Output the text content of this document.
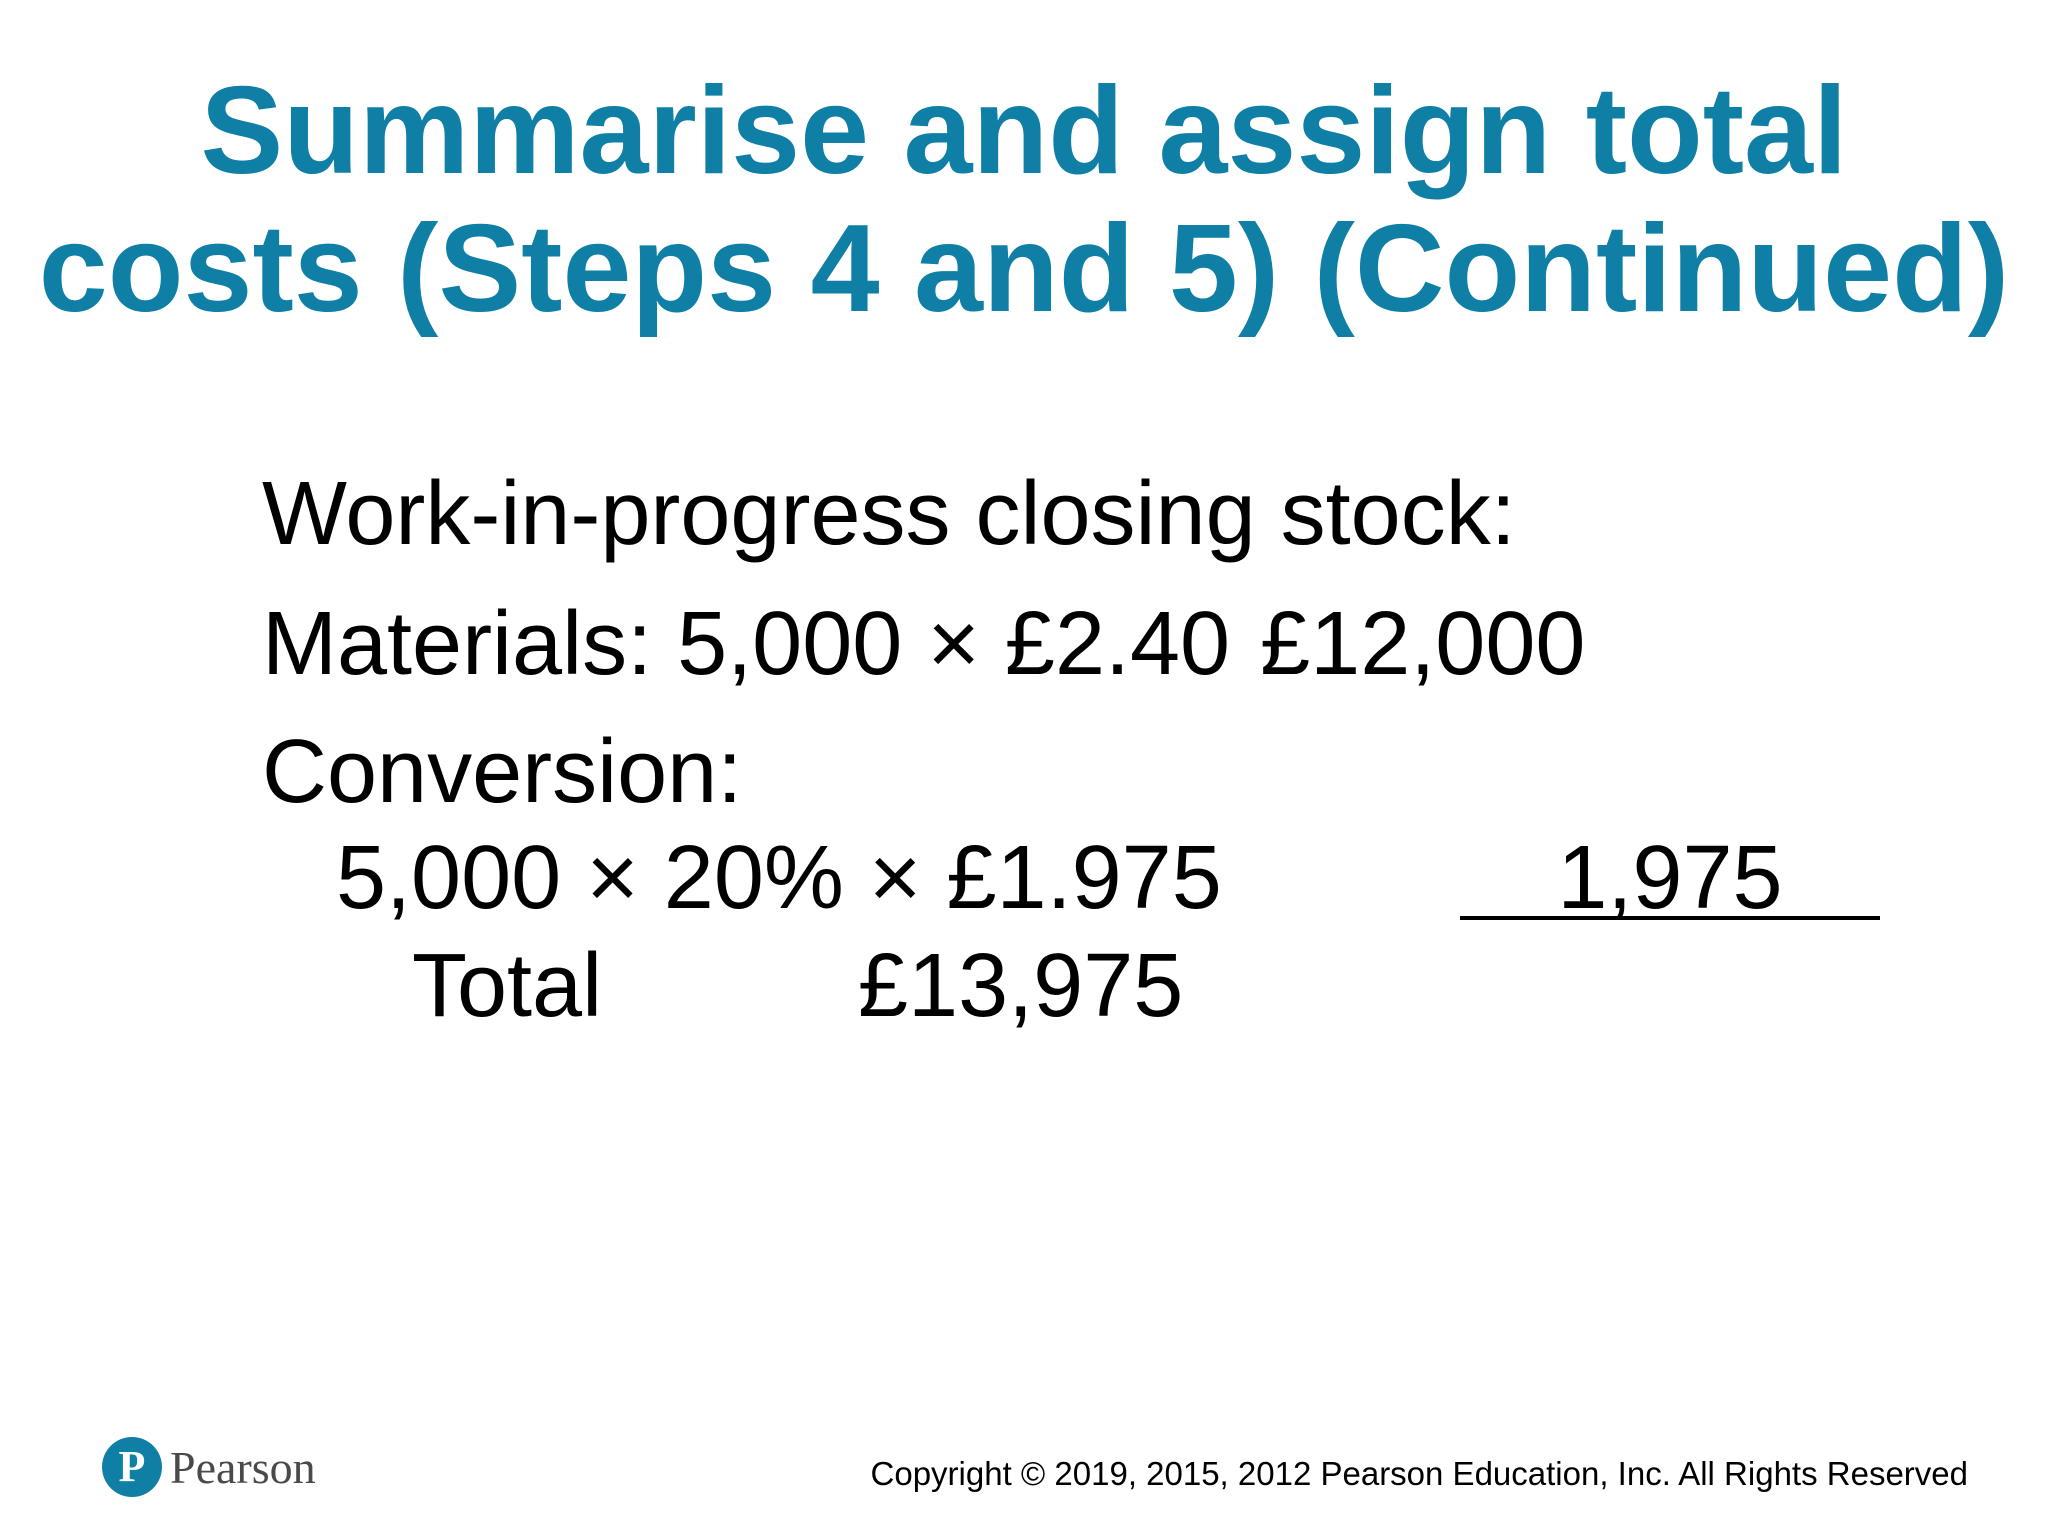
Summarise and assign total
costs (Steps 4 and 5) (Continued)

Work-in-progress closing stock:

Materials: 5,000 × £2.40 £12,000

Conversion:

5,000 × 20% × £1.975	1,975

Total	£13,975

P Pearson	Copyright © 2019, 2015, 2012 Pearson Education, Inc. All Rights Reserved
